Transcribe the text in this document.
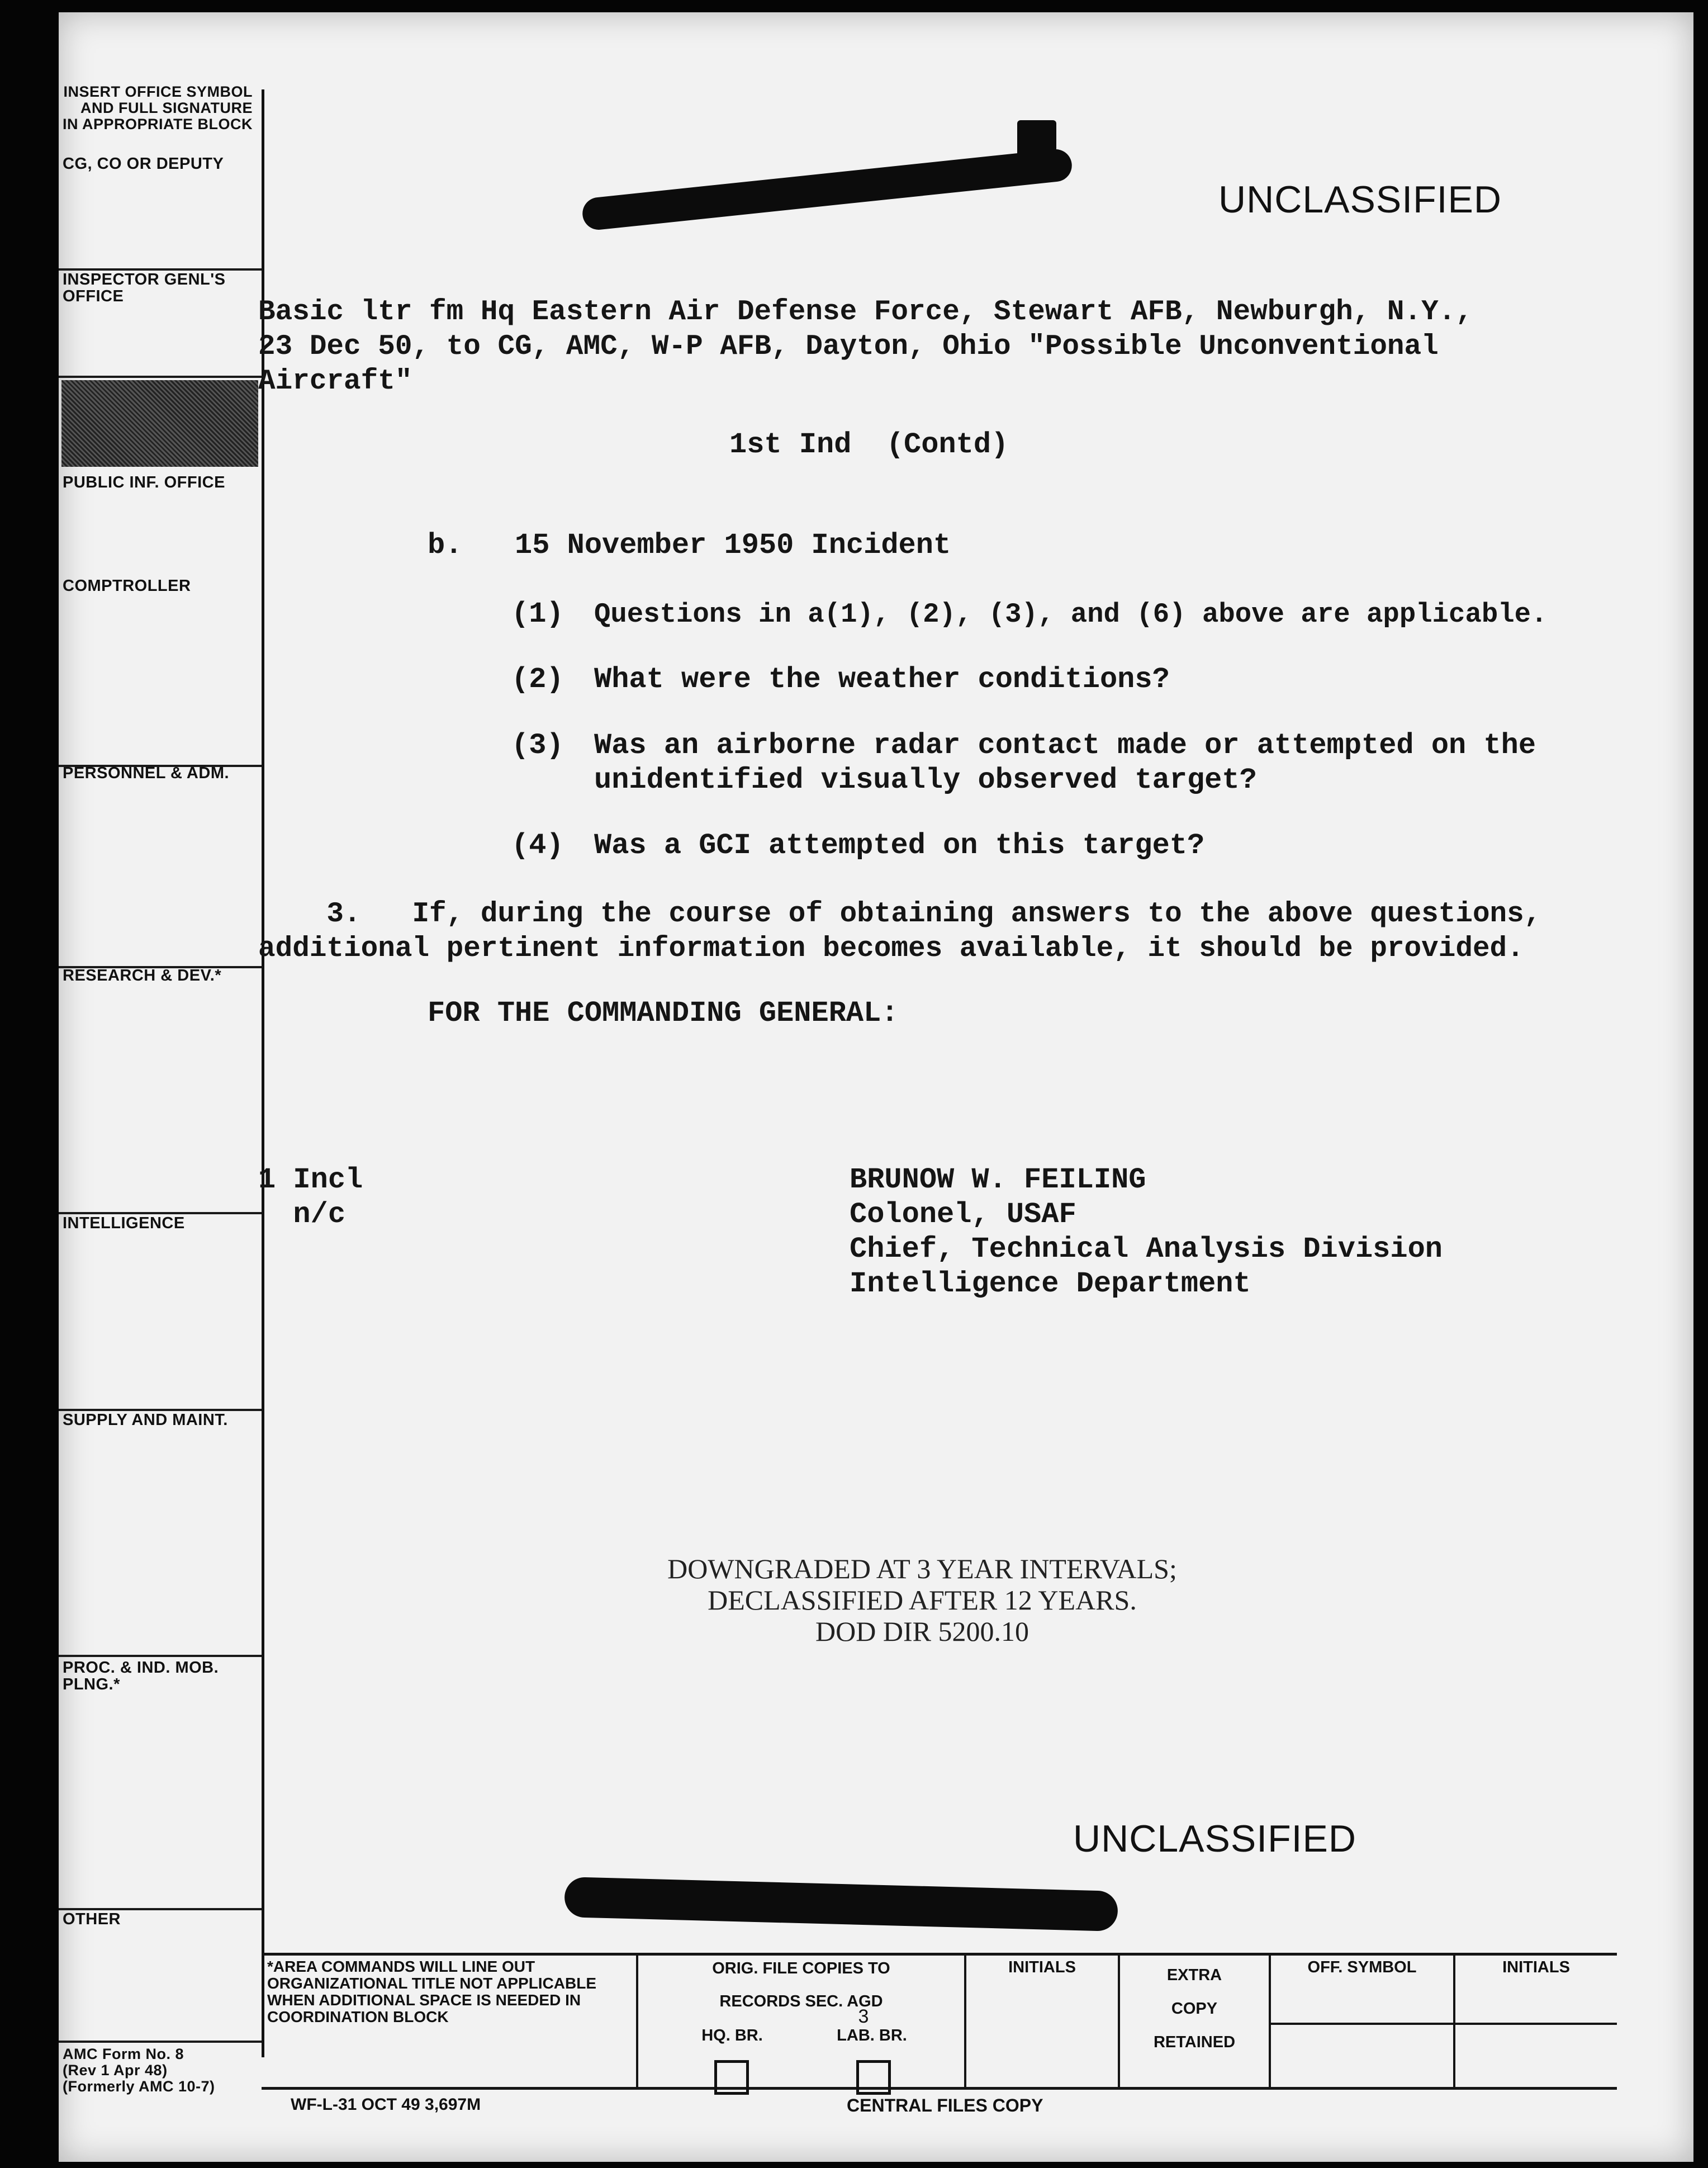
INSERT OFFICE SYMBOL AND FULL SIGNATURE IN APPROPRIATE BLOCK
CG, CO OR DEPUTY
INSPECTOR GENL'S OFFICE
PUBLIC INF. OFFICE
COMPTROLLER
PERSONNEL & ADM.
RESEARCH & DEV.*
INTELLIGENCE
SUPPLY AND MAINT.
PROC. & IND. MOB. PLNG.*
OTHER
AMC Form No. 8
(Rev 1 Apr 48)
(Formerly AMC 10-7)
UNCLASSIFIED
Basic ltr fm Hq Eastern Air Defense Force, Stewart AFB, Newburgh, N.Y.,
23 Dec 50, to CG, AMC, W-P AFB, Dayton, Ohio "Possible Unconventional
Aircraft"
1st Ind  (Contd)
b.   15 November 1950 Incident
(1) Questions in a(1), (2), (3), and (6) above are applicable.
(2) What were the weather conditions?
(3) Was an airborne radar contact made or attempted on the
unidentified visually observed target?
(4) Was a GCI attempted on this target?
3.   If, during the course of obtaining answers to the above questions,
additional pertinent information becomes available, it should be provided.
FOR THE COMMANDING GENERAL:
1 Incl
n/c
BRUNOW W. FEILING
Colonel, USAF
Chief, Technical Analysis Division
Intelligence Department
DOWNGRADED AT 3 YEAR INTERVALS;
DECLASSIFIED AFTER 12 YEARS.
DOD DIR 5200.10
UNCLASSIFIED
*AREA COMMANDS WILL LINE OUT ORGANIZATIONAL TITLE NOT APPLICABLE WHEN ADDITIONAL SPACE IS NEEDED IN COORDINATION BLOCK
ORIG. FILE COPIES TO
RECORDS SEC. AGD
3
HQ. BR.	LAB. BR.
INITIALS	EXTRA
COPY
RETAINED
OFF. SYMBOL	INITIALS
WF-L-31 OCT 49 3,697M	CENTRAL FILES COPY
